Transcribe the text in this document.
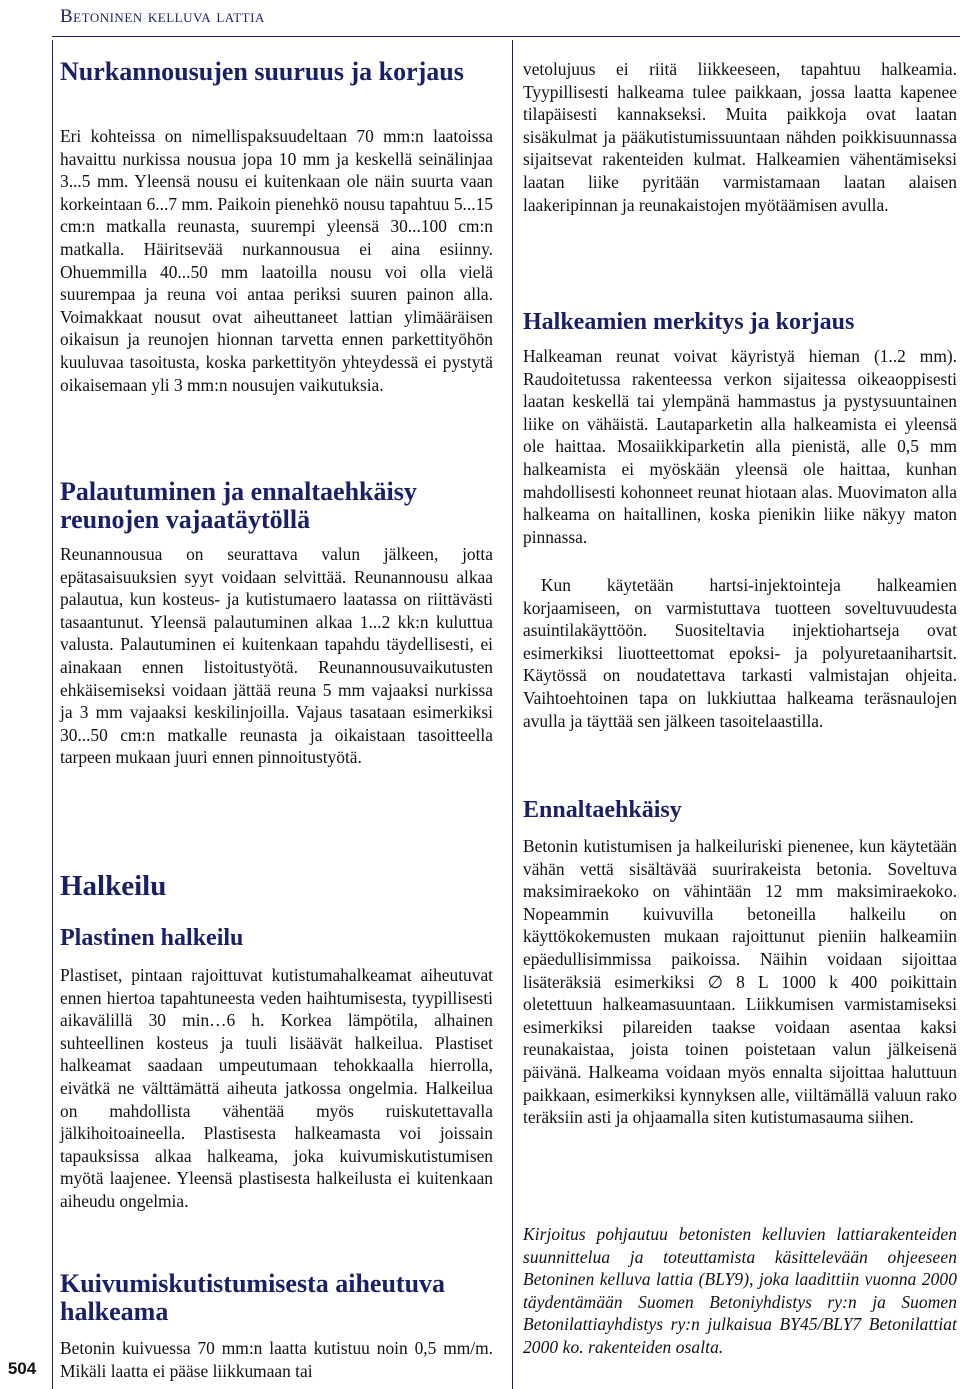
Betoninen kelluva lattia
504
Nurkannousujen suuruus ja korjaus

Eri kohteissa on nimellispaksuudeltaan 70 mm:n laatoissa havaittu nurkissa nousua jopa 10 mm ja keskellä seinälinjaa 3...5 mm. Yleensä nousu ei kuitenkaan ole näin suurta vaan korkeintaan 6...7 mm. Paikoin pienehkö nousu tapahtuu 5...15 cm:n matkalla reunasta, suurempi yleensä 30...100 cm:n matkalla. Häiritsevää nurkannousua ei aina esiinny. Ohuemmilla 40...50 mm laatoilla nousu voi olla vielä suurempaa ja reuna voi antaa periksi suuren painon alla. Voimakkaat nousut ovat aiheuttaneet lattian ylimääräisen oikaisun ja reunojen hionnan tarvetta ennen parkettityöhön kuuluvaa tasoitusta, koska parkettityön yhteydessä ei pystytä oikaisemaan yli 3 mm:n nousujen vaikutuksia.

Palautuminen ja ennaltaehkäisy reunojen vajaatäytöllä

Reunannousua on seurattava valun jälkeen, jotta epätasaisuuksien syyt voidaan selvittää. Reunannousu alkaa palautua, kun kosteus- ja kutistumaero laatassa on riittävästi tasaantunut. Yleensä palautuminen alkaa 1...2 kk:n kuluttua valusta. Palautuminen ei kuitenkaan tapahdu täydellisesti, ei ainakaan ennen listoitustyötä. Reunannousuvaikutusten ehkäisemiseksi voidaan jättää reuna 5 mm vajaaksi nurkissa ja 3 mm vajaaksi keskilinjoilla. Vajaus tasataan esimerkiksi 30...50 cm:n matkalle reunasta ja oikaistaan tasoitteella tarpeen mukaan juuri ennen pinnoitustyötä.

Halkeilu
Plastinen halkeilu

Plastiset, pintaan rajoittuvat kutistumahalkeamat aiheutuvat ennen hiertoa tapahtuneesta veden haihtumisesta, tyypillisesti aikavälillä 30 min…6 h. Korkea lämpötila, alhainen suhteellinen kosteus ja tuuli lisäävät halkeilua. Plastiset halkeamat saadaan umpeutumaan tehokkaalla hierrolla, eivätkä ne välttämättä aiheuta jatkossa ongelmia. Halkeilua on mahdollista vähentää myös ruiskutettavalla jälkihoitoaineella. Plastisesta halkeamasta voi joissain tapauksissa alkaa halkeama, joka kuivumiskutistumisen myötä laajenee. Yleensä plastisesta halkeilusta ei kuitenkaan aiheudu ongelmia.

Kuivumiskutistumisesta aiheutuva halkeama

Betonin kuivuessa 70 mm:n laatta kutistuu noin 0,5 mm/m. Mikäli laatta ei pääse liikkumaan tai

vetolujuus ei riitä liikkeeseen, tapahtuu halkeamia. Tyypillisesti halkeama tulee paikkaan, jossa laatta kapenee tilapäisesti kannakseksi. Muita paikkoja ovat laatan sisäkulmat ja pääkutistumissuuntaan nähden poikkisuunnassa sijaitsevat rakenteiden kulmat. Halkeamien vähentämiseksi laatan liike pyritään varmistamaan laatan alaisen laakeripinnan ja reunakaistojen myötäämisen avulla.

Halkeamien merkitys ja korjaus

Halkeaman reunat voivat käyristyä hieman (1..2 mm). Raudoitetussa rakenteessa verkon sijaitessa oikeaoppisesti laatan keskellä tai ylempänä hammastus ja pystysuuntainen liike on vähäistä. Lautaparketin alla halkeamista ei yleensä ole haittaa. Mosaiikkiparketin alla pienistä, alle 0,5 mm halkeamista ei myöskään yleensä ole haittaa, kunhan mahdollisesti kohonneet reunat hiotaan alas. Muovimaton alla halkeama on haitallinen, koska pienikin liike näkyy maton pinnassa.

Kun käytetään hartsi-injektointeja halkeamien korjaamiseen, on varmistuttava tuotteen soveltuvuudesta asuintilakäyttöön. Suositeltavia injektiohartseja ovat esimerkiksi liuotteettomat epoksi- ja polyuretaanihartsit. Käytössä on noudatettava tarkasti valmistajan ohjeita. Vaihtoehtoinen tapa on lukkiuttaa halkeama teräsnaulojen avulla ja täyttää sen jälkeen tasoitelaastilla.

Ennaltaehkäisy

Betonin kutistumisen ja halkeiluriski pienenee, kun käytetään vähän vettä sisältävää suurirakeista betonia. Soveltuva maksimiraekoko on vähintään 12 mm maksimiraekoko. Nopeammin kuivuvilla betoneilla halkeilu on käyttökokemusten mukaan rajoittunut pieniin halkeamiin epäedullisimmissa paikoissa. Näihin voidaan sijoittaa lisäteräksiä esimerkiksi ∅ 8 L 1000 k 400 poikittain oletettuun halkeamasuuntaan. Liikkumisen varmistamiseksi esimerkiksi pilareiden taakse voidaan asentaa kaksi reunakaistaa, joista toinen poistetaan valun jälkeisenä päivänä. Halkeama voidaan myös ennalta sijoittaa haluttuun paikkaan, esimerkiksi kynnyksen alle, viiltämällä valuun rako teräksiin asti ja ohjaamalla siten kutistumasauma siihen.

Kirjoitus pohjautuu betonisten kelluvien lattiarakenteiden suunnittelua ja toteuttamista käsittelevään ohjeeseen Betoninen kelluva lattia (BLY9), joka laadittiin vuonna 2000 täydentämään Suomen Betoniyhdistys ry:n ja Suomen Betonilattiayhdistys ry:n julkaisua BY45/BLY7 Betonilattiat 2000 ko. rakenteiden osalta.
